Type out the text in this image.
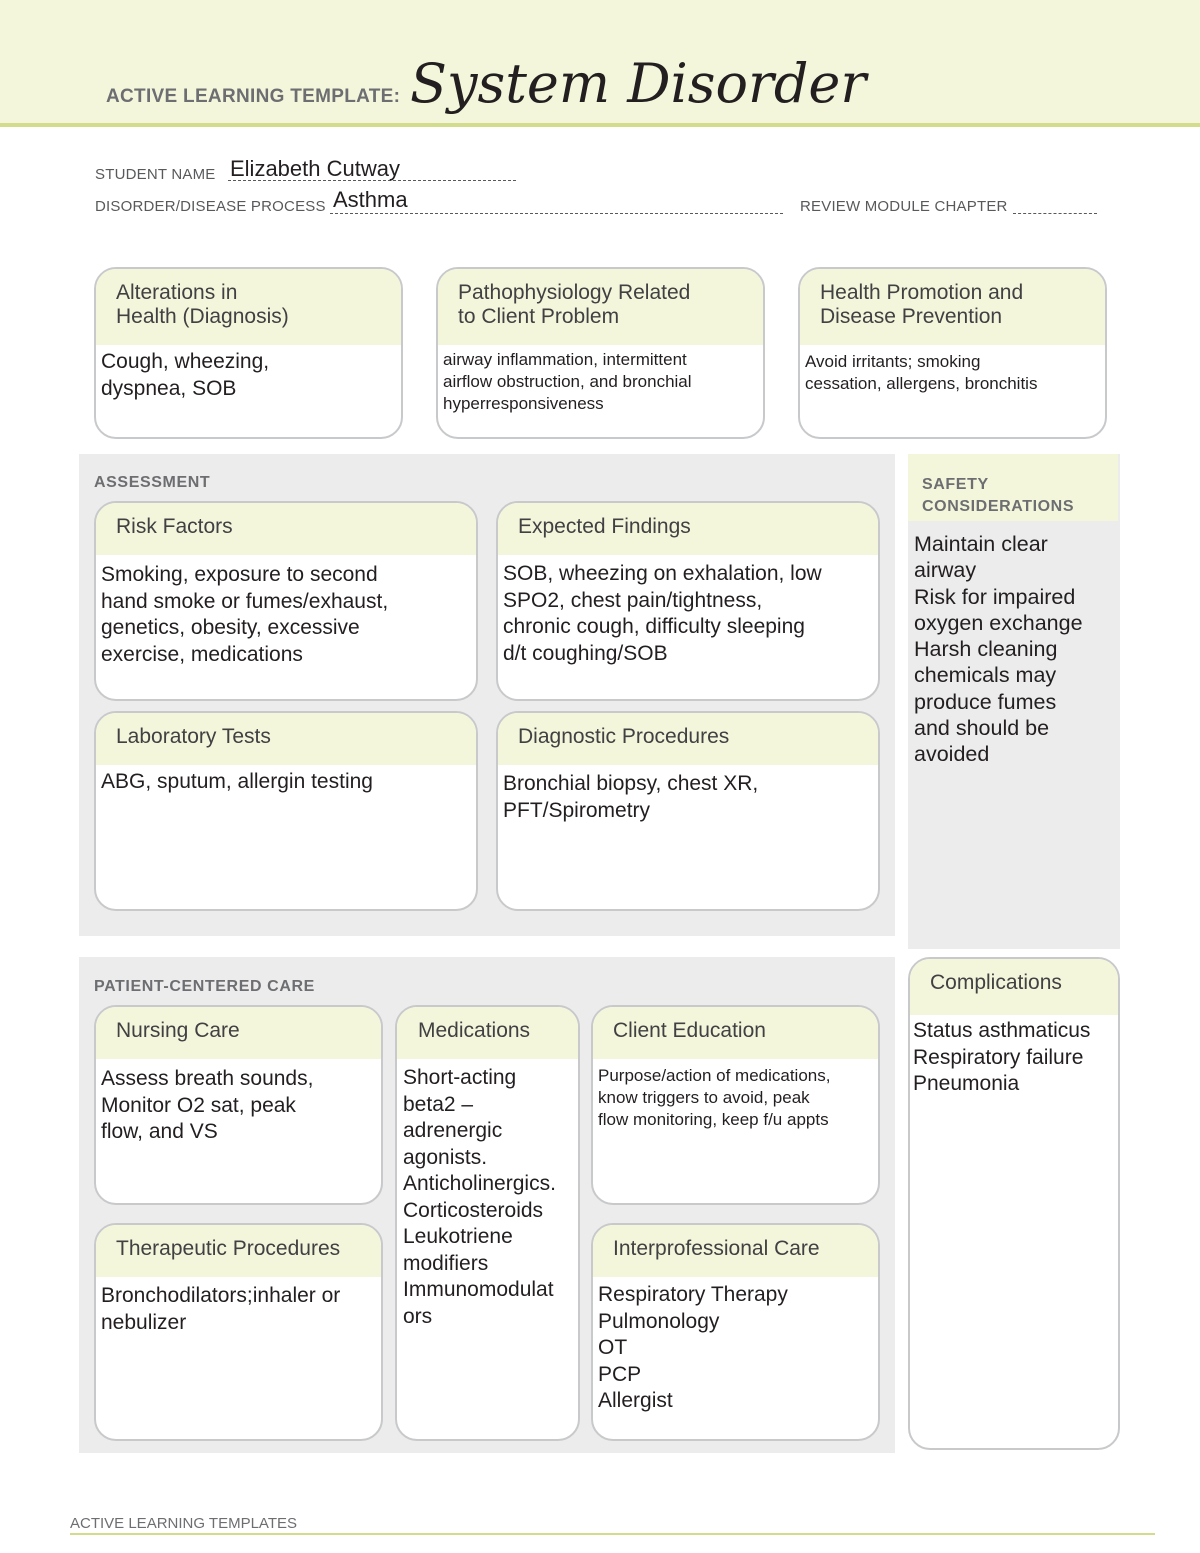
ACTIVE LEARNING TEMPLATE: System Disorder
STUDENT NAME Elizabeth Cutway
DISORDER/DISEASE PROCESS Asthma	REVIEW MODULE CHAPTER
Alterations in
Health (Diagnosis)
Cough, wheezing,
dyspnea, SOB
Pathophysiology Related
to Client Problem
airway inflammation, intermittent
airflow obstruction, and bronchial
hyperresponsiveness
Health Promotion and
Disease Prevention
Avoid irritants; smoking
cessation, allergens, bronchitis
ASSESSMENT
Risk Factors
Smoking, exposure to second
hand smoke or fumes/exhaust,
genetics, obesity, excessive
exercise, medications
Expected Findings
SOB, wheezing on exhalation, low
SPO2, chest pain/tightness,
chronic cough, difficulty sleeping
d/t coughing/SOB
Laboratory Tests
ABG, sputum, allergin testing
Diagnostic Procedures
Bronchial biopsy, chest XR,
PFT/Spirometry
SAFETY
CONSIDERATIONS
Maintain clear
airway
Risk for impaired
oxygen exchange
Harsh cleaning
chemicals may
produce fumes
and should be
avoided
PATIENT-CENTERED CARE
Nursing Care
Assess breath sounds,
Monitor O2 sat, peak
flow, and VS
Medications
Short-acting
beta2 –
adrenergic
agonists.
Anticholinergics.
Corticosteroids
Leukotriene
modifiers
Immunomodulat
ors
Client Education
Purpose/action of medications,
know triggers to avoid, peak
flow monitoring, keep f/u appts
Therapeutic Procedures
Bronchodilators;inhaler or
nebulizer
Interprofessional Care
Respiratory Therapy
Pulmonology
OT
PCP
Allergist
Complications
Status asthmaticus
Respiratory failure
Pneumonia
ACTIVE LEARNING TEMPLATES
